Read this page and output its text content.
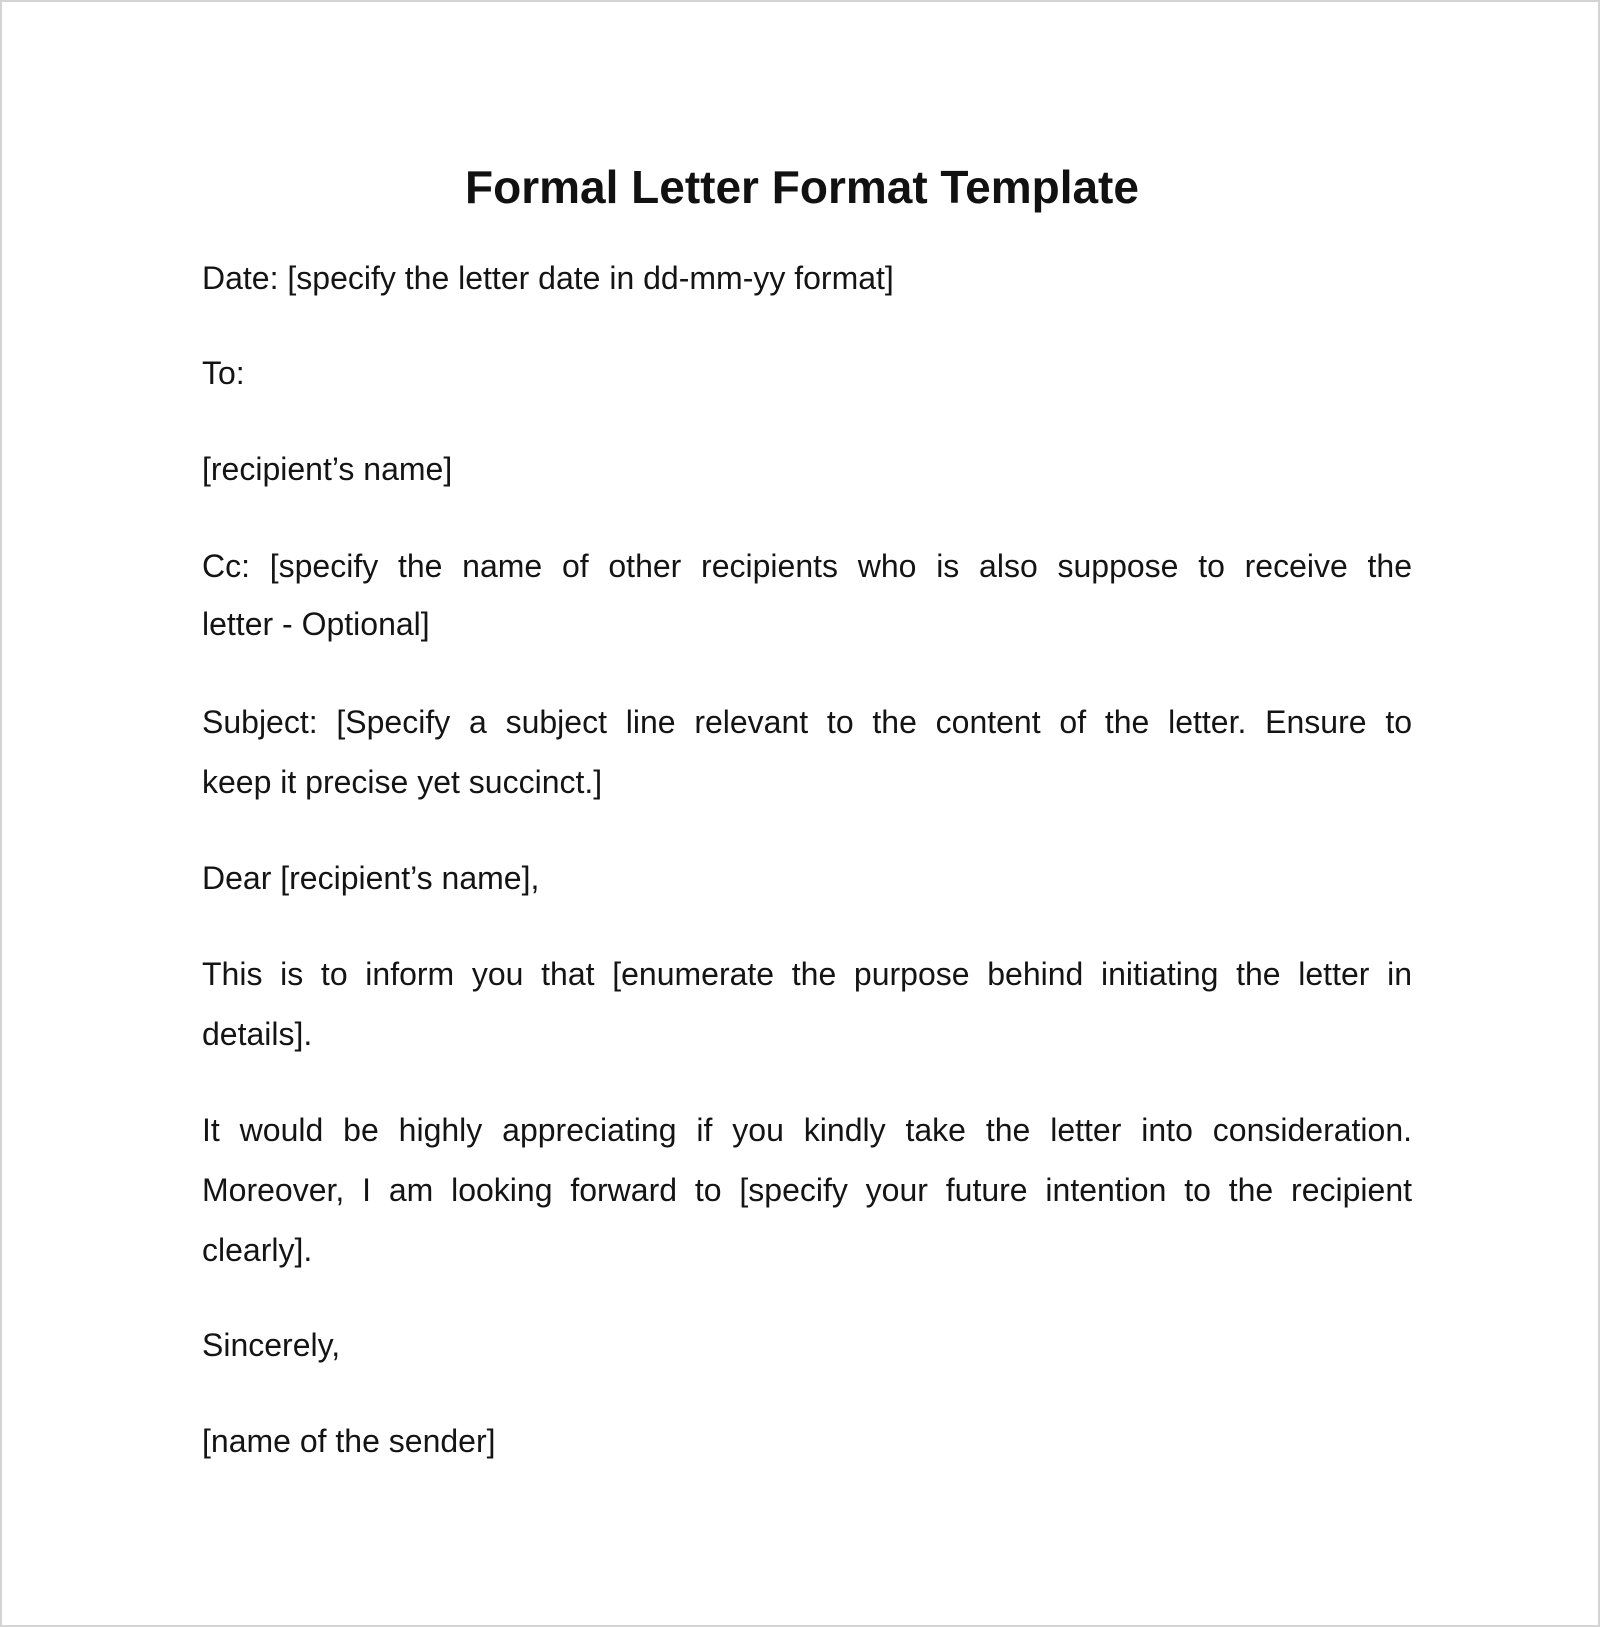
Formal Letter Format Template
Date: [specify the letter date in dd-mm-yy format]
To:
[recipient’s name]
Cc: [specify the name of other recipients who is also suppose to receive the
letter - Optional]
Subject: [Specify a subject line relevant to the content of the letter. Ensure to
keep it precise yet succinct.]
Dear [recipient’s name],
This is to inform you that [enumerate the purpose behind initiating the letter in
details].
It would be highly appreciating if you kindly take the letter into consideration.
Moreover, I am looking forward to [specify your future intention to the recipient
clearly].
Sincerely,
[name of the sender]
